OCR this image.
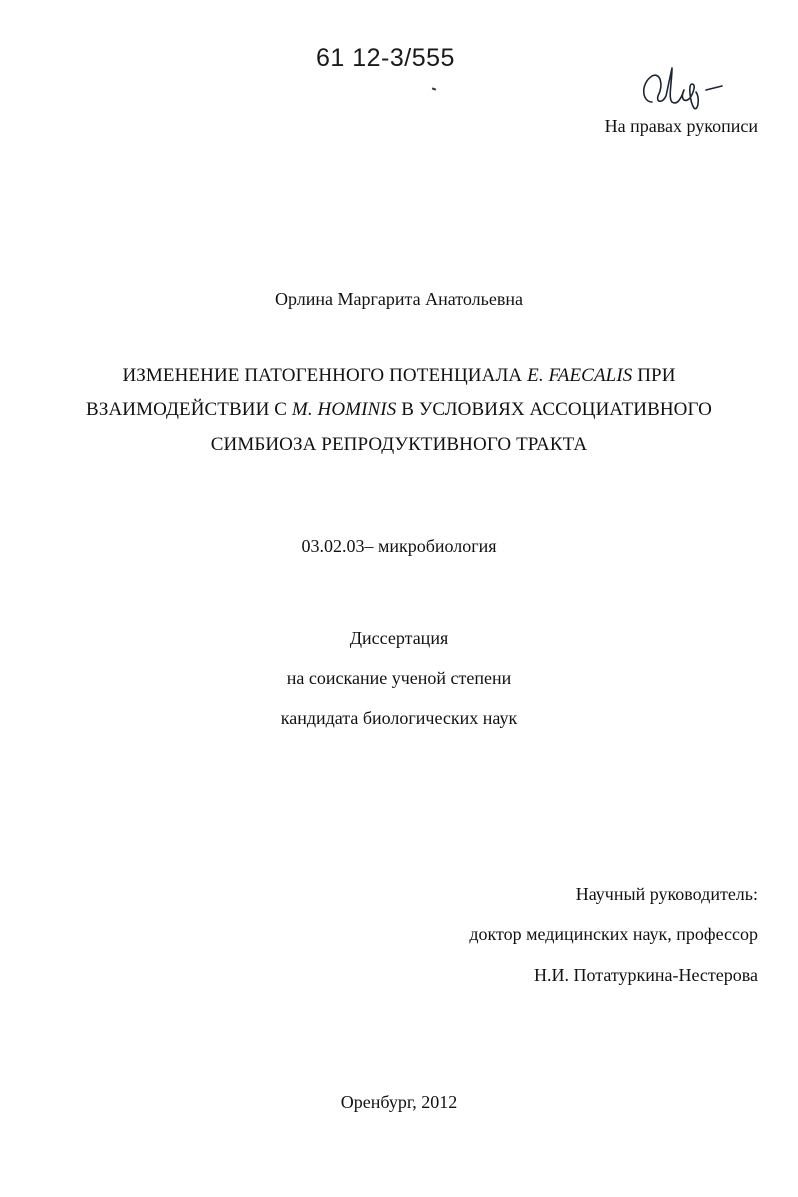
61 12-3/555
На правах рукописи
Орлина Маргарита Анатольевна
ИЗМЕНЕНИЕ ПАТОГЕННОГО ПОТЕНЦИАЛА E. FAECALIS ПРИ
ВЗАИМОДЕЙСТВИИ С M. HOMINIS В УСЛОВИЯХ АССОЦИАТИВНОГО
СИМБИОЗА РЕПРОДУКТИВНОГО ТРАКТА
03.02.03– микробиология
Диссертация
на соискание ученой степени
кандидата биологических наук
Научный руководитель:
доктор медицинских наук, профессор
Н.И. Потатуркина-Нестерова
Оренбург, 2012
